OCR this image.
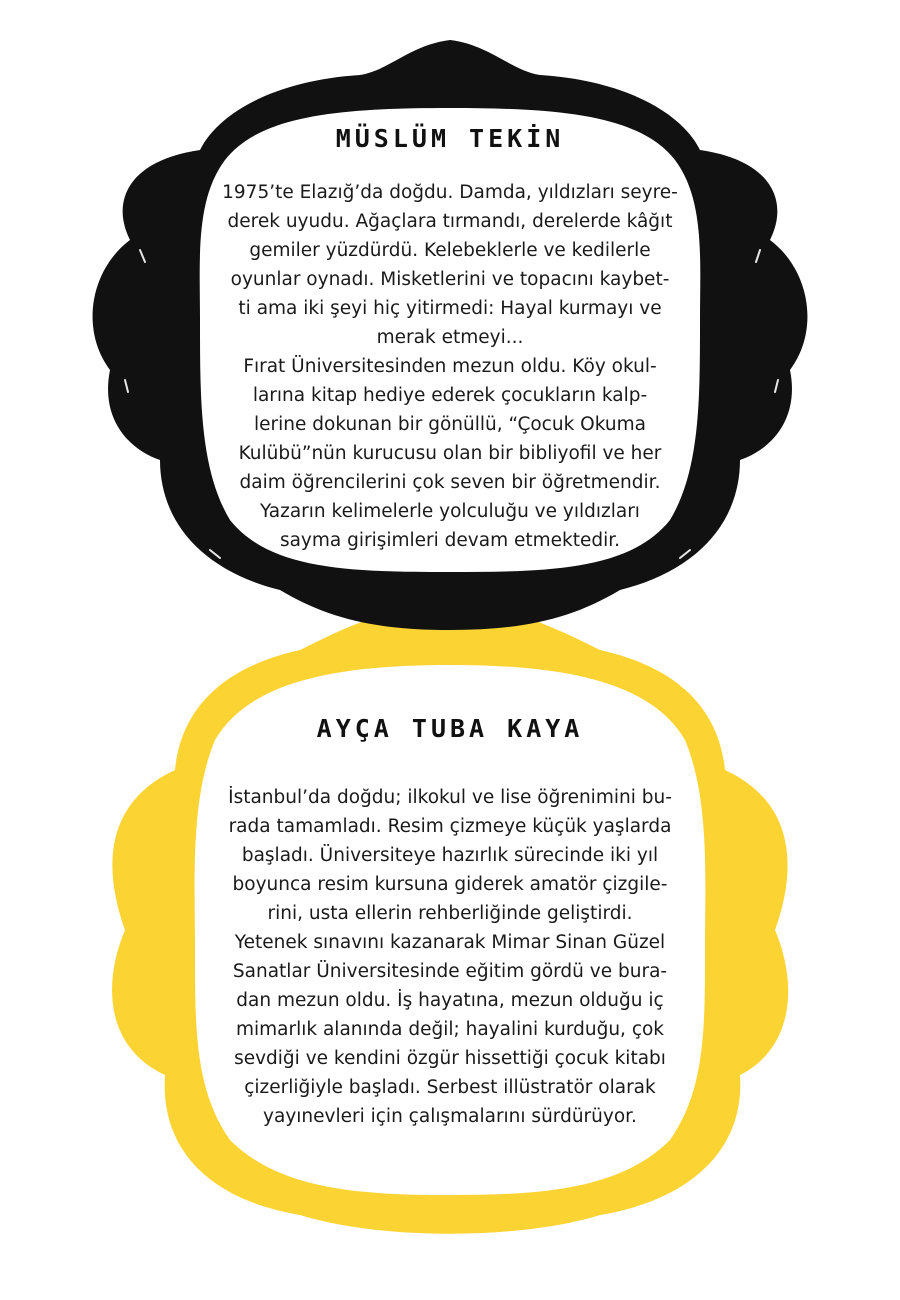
MÜSLÜM TEKİN
1975’te Elazığ’da doğdu. Damda, yıldızları seyre-
derek uyudu. Ağaçlara tırmandı, derelerde kâğıt
gemiler yüzdürdü. Kelebeklerle ve kedilerle
oyunlar oynadı. Misketlerini ve topacını kaybet-
ti ama iki şeyi hiç yitirmedi: Hayal kurmayı ve
merak etmeyi...
Fırat Üniversitesinden mezun oldu. Köy okul-
larına kitap hediye ederek çocukların kalp-
lerine dokunan bir gönüllü, “Çocuk Okuma
Kulübü”nün kurucusu olan bir bibliyofil ve her
daim öğrencilerini çok seven bir öğretmendir.
Yazarın kelimelerle yolculuğu ve yıldızları
sayma girişimleri devam etmektedir.
AYÇA TUBA KAYA
İstanbul’da doğdu; ilkokul ve lise öğrenimini bu-
rada tamamladı. Resim çizmeye küçük yaşlarda
başladı. Üniversiteye hazırlık sürecinde iki yıl
boyunca resim kursuna giderek amatör çizgile-
rini, usta ellerin rehberliğinde geliştirdi.
Yetenek sınavını kazanarak Mimar Sinan Güzel
Sanatlar Üniversitesinde eğitim gördü ve bura-
dan mezun oldu. İş hayatına, mezun olduğu iç
mimarlık alanında değil; hayalini kurduğu, çok
sevdiği ve kendini özgür hissettiği çocuk kitabı
çizerliğiyle başladı. Serbest illüstratör olarak
yayınevleri için çalışmalarını sürdürüyor.
